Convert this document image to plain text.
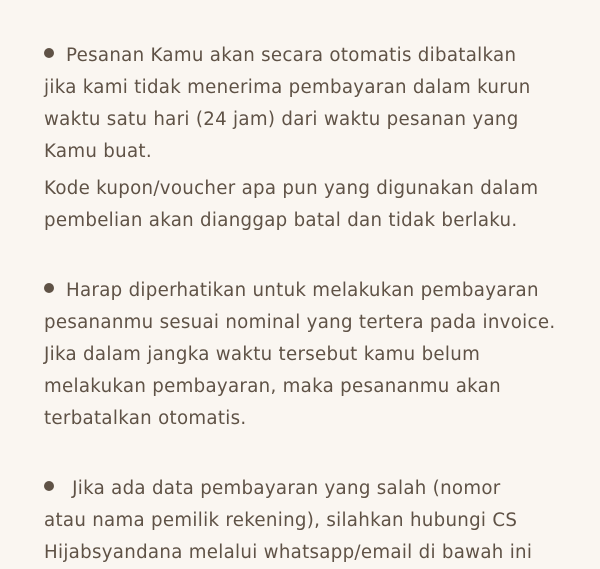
Pesanan Kamu akan secara otomatis dibatalkan
jika kami tidak menerima pembayaran dalam kurun
waktu satu hari (24 jam) dari waktu pesanan yang
Kamu buat.
Kode kupon/voucher apa pun yang digunakan dalam
pembelian akan dianggap batal dan tidak berlaku.
Harap diperhatikan untuk melakukan pembayaran
pesananmu sesuai nominal yang tertera pada invoice.
Jika dalam jangka waktu tersebut kamu belum
melakukan pembayaran, maka pesananmu akan
terbatalkan otomatis.
Jika ada data pembayaran yang salah (nomor
atau nama pemilik rekening), silahkan hubungi CS
Hijabsyandana melalui whatsapp/email di bawah ini
